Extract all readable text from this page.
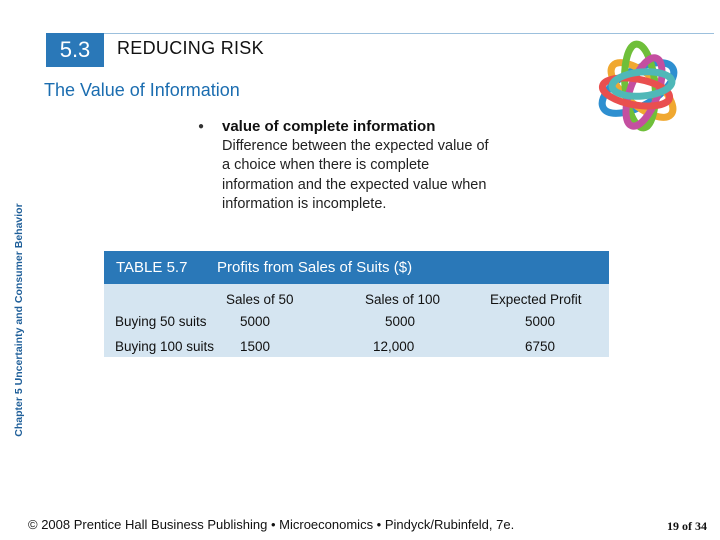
5.3	REDUCING RISK
The Value of Information
Chapter 5 Uncertainty and Consumer Behavior
● value of complete information
Difference between the expected value of
a choice when there is complete
information and the expected value when
information is incomplete.
TABLE 5.7 Profits from Sales of Suits ($)
Sales of 50	Sales of 100	Expected Profit
Buying 50 suits 5000	5000	5000
Buying 100 suits 1500	12,000	6750
© 2008 Prentice Hall Business Publishing • Microeconomics • Pindyck/Rubinfeld, 7e.	19 of 34
